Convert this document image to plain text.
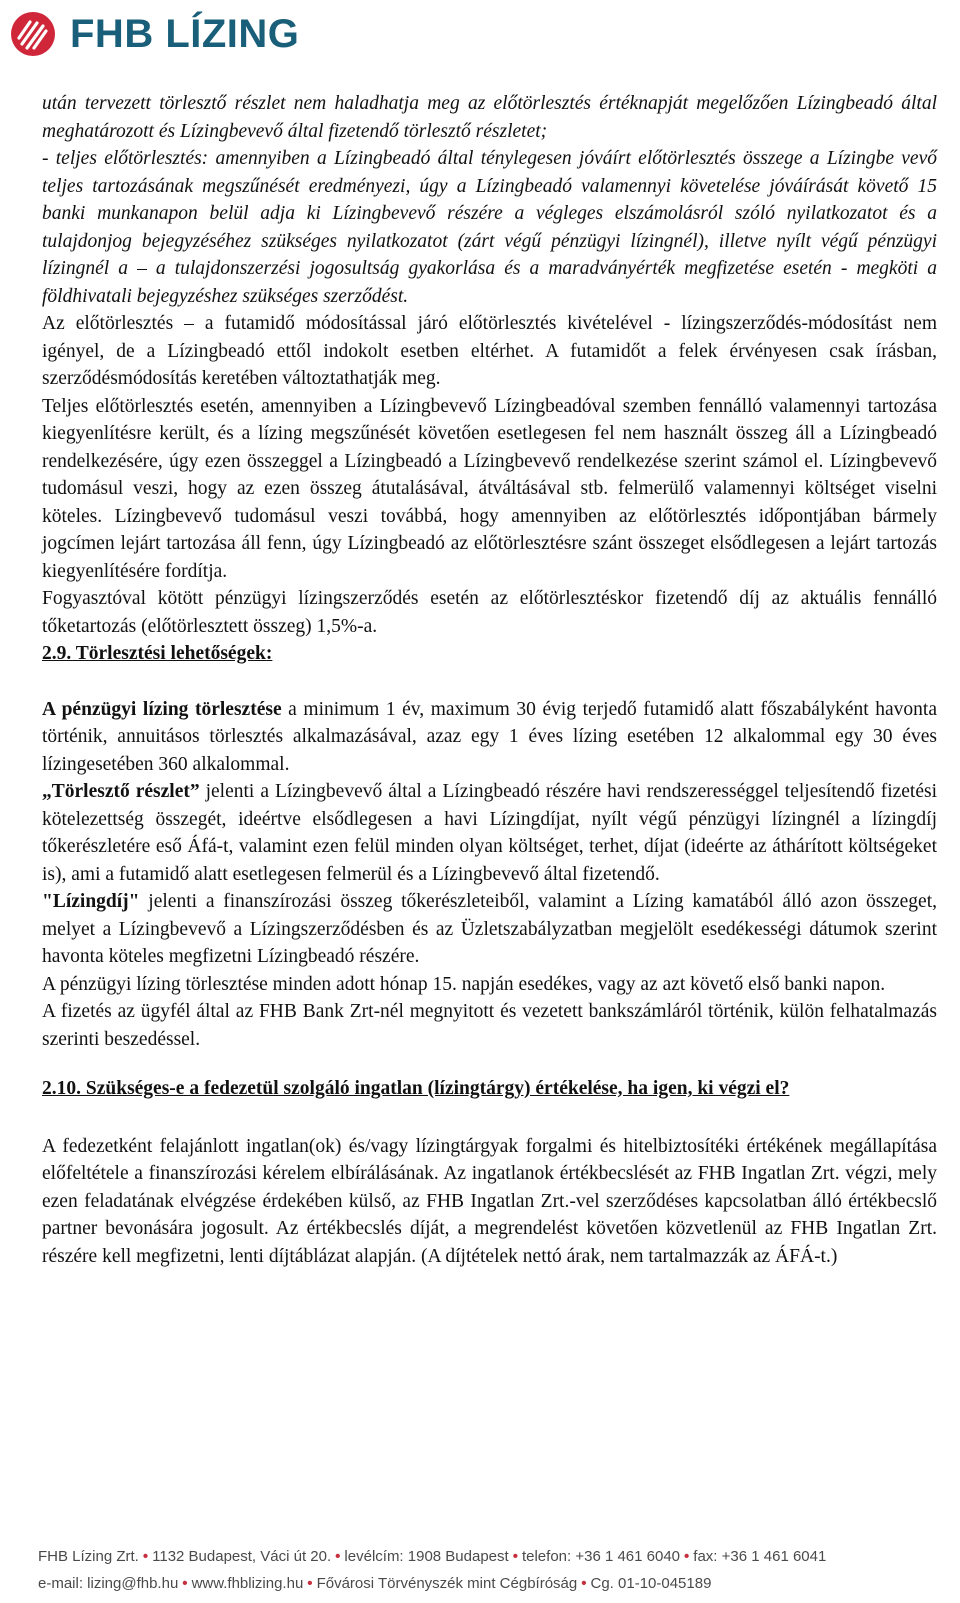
FHB LÍZING

után tervezett törlesztő részlet nem haladhatja meg az előtörlesztés értéknapját megelőzően Lízingbeadó által meghatározott és Lízingbevevő által fizetendő törlesztő részletet;

- teljes előtörlesztés: amennyiben a Lízingbeadó által ténylegesen jóváírt előtörlesztés összege a Lízingbe vevő teljes tartozásának megszűnését eredményezi, úgy a Lízingbeadó valamennyi követelése jóváírását követő 15 banki munkanapon belül adja ki Lízingbevevő részére a végleges elszámolásról szóló nyilatkozatot és a tulajdonjog bejegyzéséhez szükséges nyilatkozatot (zárt végű pénzügyi lízingnél), illetve nyílt végű pénzügyi lízingnél a – a tulajdonszerzési jogosultság gyakorlása és a maradványérték megfizetése esetén - megköti a földhivatali bejegyzéshez szükséges szerződést.

Az előtörlesztés – a futamidő módosítással járó előtörlesztés kivételével - lízingszerződés-módosítást nem igényel, de a Lízingbeadó ettől indokolt esetben eltérhet. A futamidőt a felek érvényesen csak írásban, szerződésmódosítás keretében változtathatják meg.

Teljes előtörlesztés esetén, amennyiben a Lízingbevevő Lízingbeadóval szemben fennálló valamennyi tartozása kiegyenlítésre került, és a lízing megszűnését követően esetlegesen fel nem használt összeg áll a Lízingbeadó rendelkezésére, úgy ezen összeggel a Lízingbeadó a Lízingbevevő rendelkezése szerint számol el. Lízingbevevő tudomásul veszi, hogy az ezen összeg átutalásával, átváltásával stb. felmerülő valamennyi költséget viselni köteles. Lízingbevevő tudomásul veszi továbbá, hogy amennyiben az előtörlesztés időpontjában bármely jogcímen lejárt tartozása áll fenn, úgy Lízingbeadó az előtörlesztésre szánt összeget elsődlegesen a lejárt tartozás kiegyenlítésére fordítja.

Fogyasztóval kötött pénzügyi lízingszerződés esetén az előtörlesztéskor fizetendő díj az aktuális fennálló tőketartozás (előtörlesztett összeg) 1,5%-a.

2.9. Törlesztési lehetőségek:

A pénzügyi lízing törlesztése a minimum 1 év, maximum 30 évig terjedő futamidő alatt főszabályként havonta történik, annuitásos törlesztés alkalmazásával, azaz egy 1 éves lízing esetében 12 alkalommal egy 30 éves lízingesetében 360 alkalommal.

„Törlesztő részlet” jelenti a Lízingbevevő által a Lízingbeadó részére havi rendszerességgel teljesítendő fizetési kötelezettség összegét, ideértve elsődlegesen a havi Lízingdíjat, nyílt végű pénzügyi lízingnél a lízingdíj tőkerészletére eső Áfá-t, valamint ezen felül minden olyan költséget, terhet, díjat (ideérte az áthárított költségeket is), ami a futamidő alatt esetlegesen felmerül és a Lízingbevevő által fizetendő.

"Lízingdíj" jelenti a finanszírozási összeg tőkerészleteiből, valamint a Lízing kamatából álló azon összeget, melyet a Lízingbevevő a Lízingszerződésben és az Üzletszabályzatban megjelölt esedékességi dátumok szerint havonta köteles megfizetni Lízingbeadó részére.

A pénzügyi lízing törlesztése minden adott hónap 15. napján esedékes, vagy az azt követő első banki napon.

A fizetés az ügyfél által az FHB Bank Zrt-nél megnyitott és vezetett bankszámláról történik, külön felhatalmazás szerinti beszedéssel.

2.10. Szükséges-e a fedezetül szolgáló ingatlan (lízingtárgy) értékelése, ha igen, ki végzi el?

A fedezetként felajánlott ingatlan(ok) és/vagy lízingtárgyak forgalmi és hitelbiztosítéki értékének megállapítása előfeltétele a finanszírozási kérelem elbírálásának. Az ingatlanok értékbecslését az FHB Ingatlan Zrt. végzi, mely ezen feladatának elvégzése érdekében külső, az FHB Ingatlan Zrt.-vel szerződéses kapcsolatban álló értékbecslő partner bevonására jogosult. Az értékbecslés díját, a megrendelést követően közvetlenül az FHB Ingatlan Zrt. részére kell megfizetni, lenti díjtáblázat alapján. (A díjtételek nettó árak, nem tartalmazzák az ÁFÁ-t.)

FHB Lízing Zrt. • 1132 Budapest, Váci út 20. • levélcím: 1908 Budapest • telefon: +36 1 461 6040 • fax: +36 1 461 6041
e-mail: lizing@fhb.hu • www.fhblizing.hu • Fővárosi Törvényszék mint Cégbíróság • Cg. 01-10-045189
